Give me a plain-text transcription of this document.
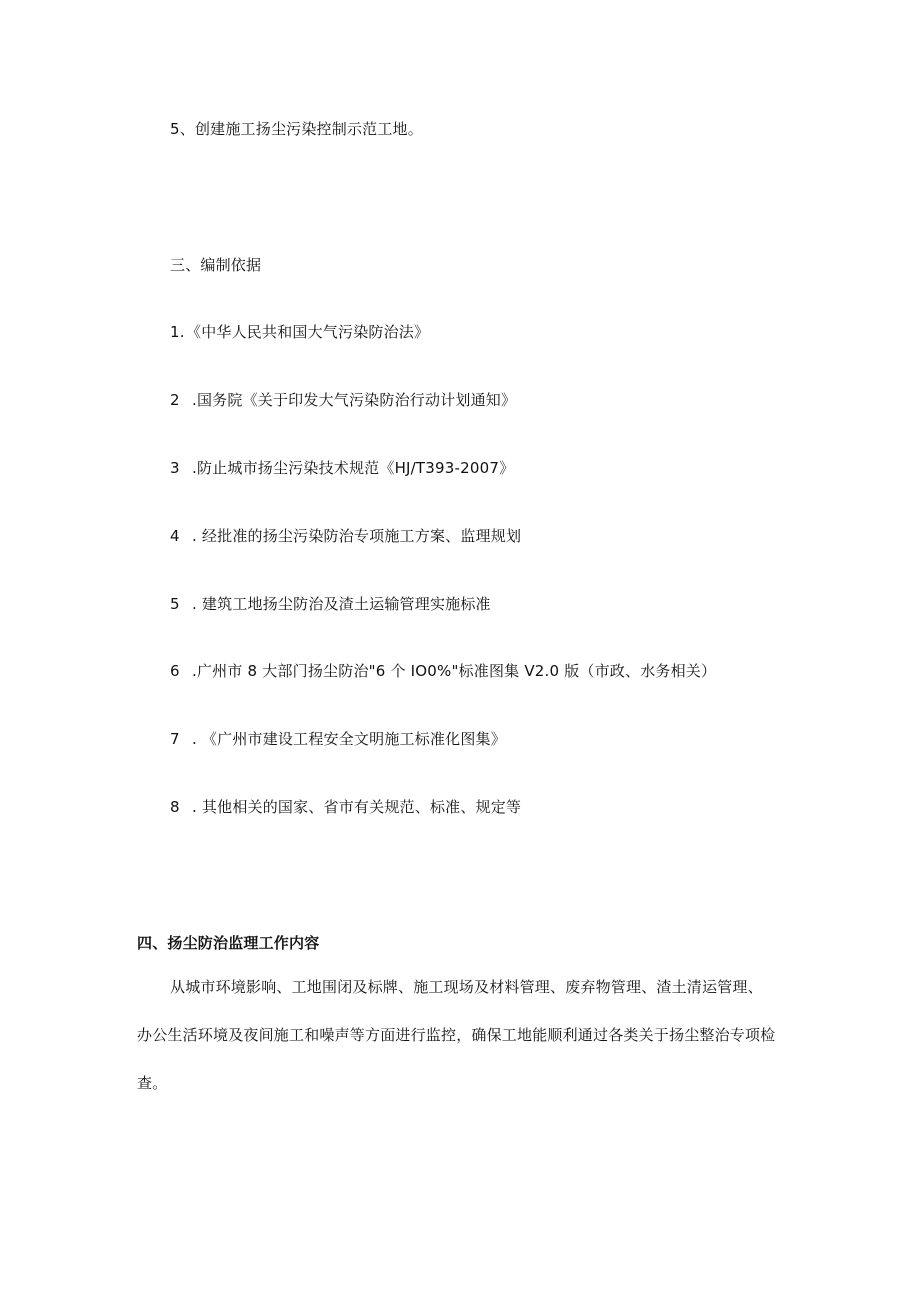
5、创建施工扬尘污染控制示范工地。
三、编制依据
1.《中华人民共和国大气污染防治法》
2 .国务院《关于印发大气污染防治行动计划通知》
3 .防止城市扬尘污染技术规范《HJ/T393-2007》
4 . 经批准的扬尘污染防治专项施工方案、监理规划
5 . 建筑工地扬尘防治及渣土运输管理实施标准
6 .广州市 8 大部门扬尘防治"6 个 IO0%"标准图集 V2.0 版（市政、水务相关）
7 . 《广州市建设工程安全文明施工标准化图集》
8 . 其他相关的国家、省市有关规范、标准、规定等
四、扬尘防治监理工作内容
从城市环境影响、工地围闭及标牌、施工现场及材料管理、废弃物管理、渣土清运管理、
办公生活环境及夜间施工和噪声等方面进行监控，确保工地能顺利通过各类关于扬尘整治专项检
查。
